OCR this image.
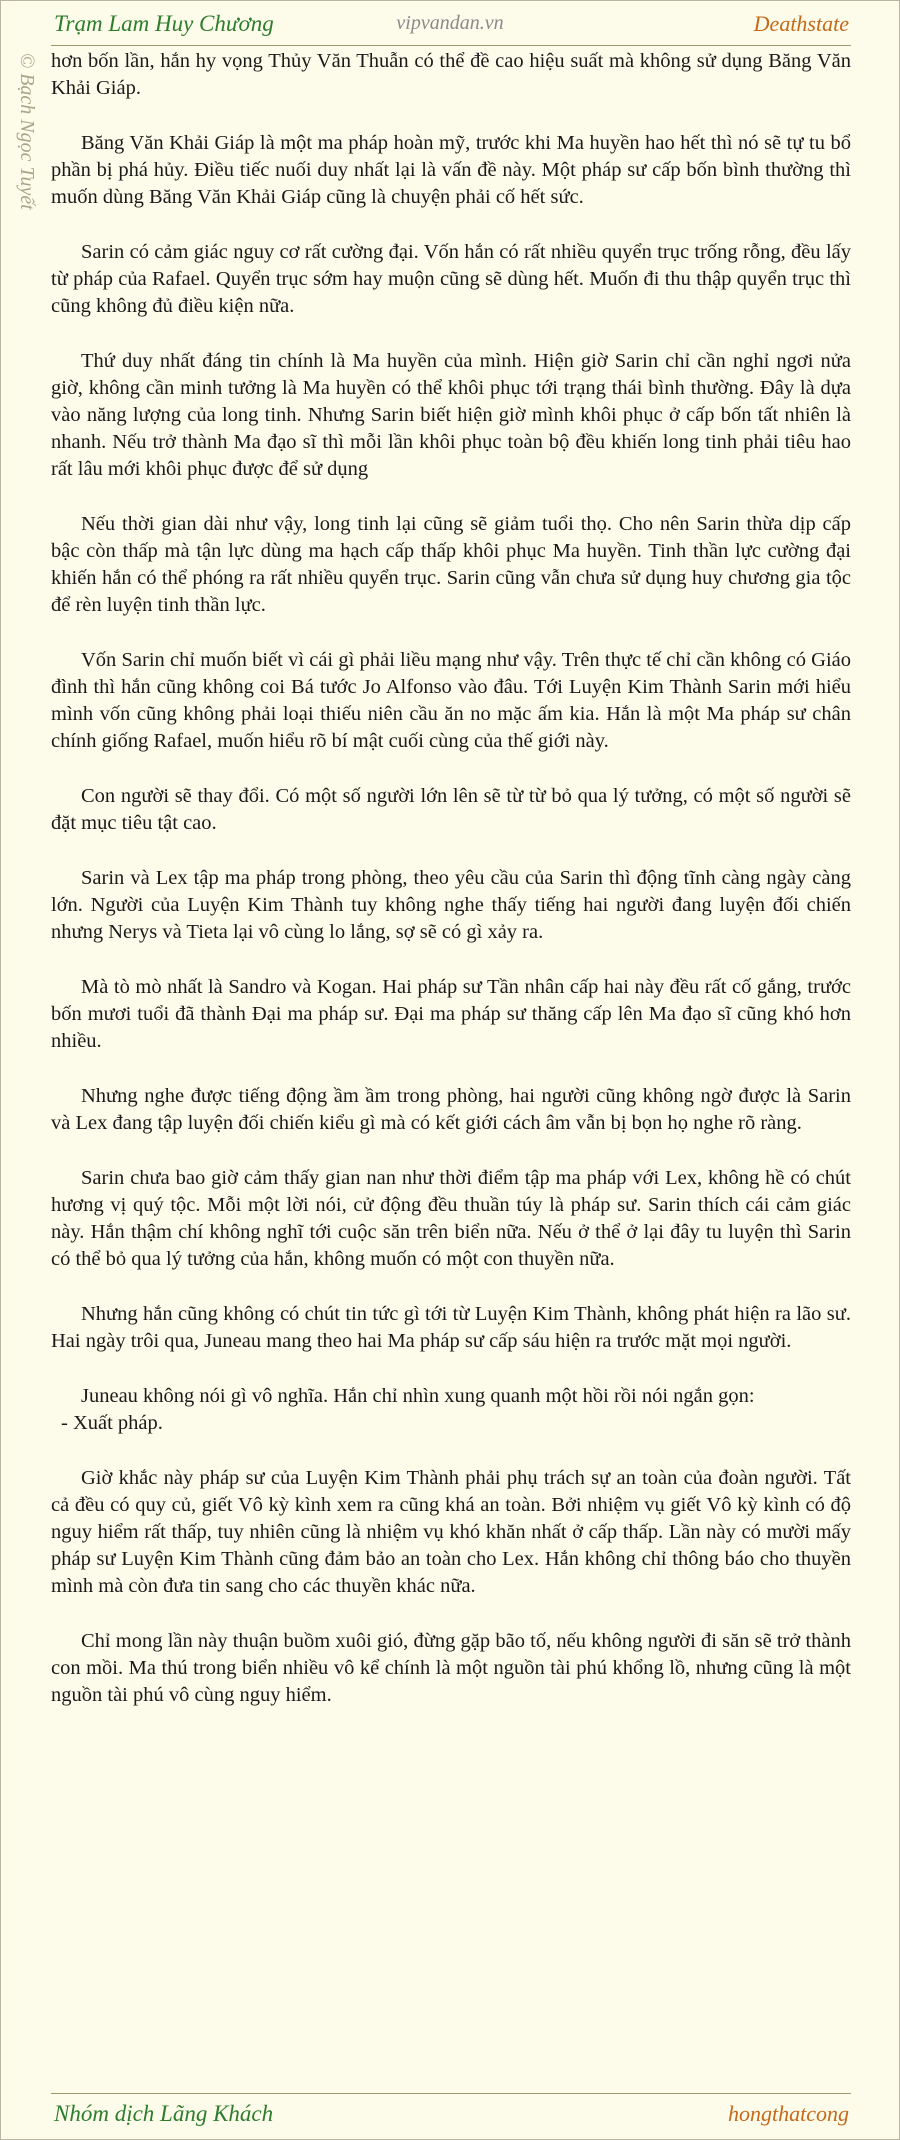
Trạm Lam Huy Chương	vipvandan.vn	Deathstate
© Bạch Ngọc Tuyết hơn bốn lần, hắn hy vọng Thủy Văn Thuẫn có thể đề cao hiệu suất mà không sử dụng Băng Văn Khải Giáp.

Băng Văn Khải Giáp là một ma pháp hoàn mỹ, trước khi Ma huyền hao hết thì nó sẽ tự tu bổ phần bị phá hủy. Điều tiếc nuối duy nhất lại là vấn đề này. Một pháp sư cấp bốn bình thường thì muốn dùng Băng Văn Khải Giáp cũng là chuyện phải cố hết sức.

Sarin có cảm giác nguy cơ rất cường đại. Vốn hắn có rất nhiều quyển trục trống rỗng, đều lấy từ pháp của Rafael. Quyển trục sớm hay muộn cũng sẽ dùng hết. Muốn đi thu thập quyển trục thì cũng không đủ điều kiện nữa.

Thứ duy nhất đáng tin chính là Ma huyền của mình. Hiện giờ Sarin chỉ cần nghỉ ngơi nửa giờ, không cần minh tưởng là Ma huyền có thể khôi phục tới trạng thái bình thường. Đây là dựa vào năng lượng của long tinh. Nhưng Sarin biết hiện giờ mình khôi phục ở cấp bốn tất nhiên là nhanh. Nếu trở thành Ma đạo sĩ thì mỗi lần khôi phục toàn bộ đều khiến long tinh phải tiêu hao rất lâu mới khôi phục được để sử dụng

Nếu thời gian dài như vậy, long tinh lại cũng sẽ giảm tuổi thọ. Cho nên Sarin thừa dịp cấp bậc còn thấp mà tận lực dùng ma hạch cấp thấp khôi phục Ma huyền. Tinh thần lực cường đại khiến hắn có thể phóng ra rất nhiều quyển trục. Sarin cũng vẫn chưa sử dụng huy chương gia tộc để rèn luyện tinh thần lực.

Vốn Sarin chỉ muốn biết vì cái gì phải liều mạng như vậy. Trên thực tế chỉ cần không có Giáo đình thì hắn cũng không coi Bá tước Jo Alfonso vào đâu. Tới Luyện Kim Thành Sarin mới hiểu mình vốn cũng không phải loại thiếu niên cầu ăn no mặc ấm kia. Hắn là một Ma pháp sư chân chính giống Rafael, muốn hiểu rõ bí mật cuối cùng của thế giới này.

Con người sẽ thay đổi. Có một số người lớn lên sẽ từ từ bỏ qua lý tưởng, có một số người sẽ đặt mục tiêu tật cao.

Sarin và Lex tập ma pháp trong phòng, theo yêu cầu của Sarin thì động tĩnh càng ngày càng lớn. Người của Luyện Kim Thành tuy không nghe thấy tiếng hai người đang luyện đối chiến nhưng Nerys và Tieta lại vô cùng lo lắng, sợ sẽ có gì xảy ra.

Mà tò mò nhất là Sandro và Kogan. Hai pháp sư Tần nhân cấp hai này đều rất cố gắng, trước bốn mươi tuổi đã thành Đại ma pháp sư. Đại ma pháp sư thăng cấp lên Ma đạo sĩ cũng khó hơn nhiều.

Nhưng nghe được tiếng động ầm ầm trong phòng, hai người cũng không ngờ được là Sarin và Lex đang tập luyện đối chiến kiểu gì mà có kết giới cách âm vẫn bị bọn họ nghe rõ ràng.

Sarin chưa bao giờ cảm thấy gian nan như thời điểm tập ma pháp với Lex, không hề có chút hương vị quý tộc. Mỗi một lời nói, cử động đều thuần túy là pháp sư. Sarin thích cái cảm giác này. Hắn thậm chí không nghĩ tới cuộc săn trên biển nữa. Nếu ở thể ở lại đây tu luyện thì Sarin có thể bỏ qua lý tưởng của hắn, không muốn có một con thuyền nữa.

Nhưng hắn cũng không có chút tin tức gì tới từ Luyện Kim Thành, không phát hiện ra lão sư. Hai ngày trôi qua, Juneau mang theo hai Ma pháp sư cấp sáu hiện ra trước mặt mọi người.

Juneau không nói gì vô nghĩa. Hắn chỉ nhìn xung quanh một hồi rồi nói ngắn gọn:

- Xuất pháp.

Giờ khắc này pháp sư của Luyện Kim Thành phải phụ trách sự an toàn của đoàn người. Tất cả đều có quy củ, giết Vô kỳ kình xem ra cũng khá an toàn. Bởi nhiệm vụ giết Vô kỳ kình có độ nguy hiểm rất thấp, tuy nhiên cũng là nhiệm vụ khó khăn nhất ở cấp thấp. Lần này có mười mấy pháp sư Luyện Kim Thành cũng đảm bảo an toàn cho Lex. Hắn không chỉ thông báo cho thuyền mình mà còn đưa tin sang cho các thuyền khác nữa.

Chỉ mong lần này thuận buồm xuôi gió, đừng gặp bão tố, nếu không người đi săn sẽ trở thành con mồi. Ma thú trong biển nhiều vô kể chính là một nguồn tài phú khổng lồ, nhưng cũng là một nguồn tài phú vô cùng nguy hiểm.

Nhóm dịch Lãng Khách	hongthatcong
